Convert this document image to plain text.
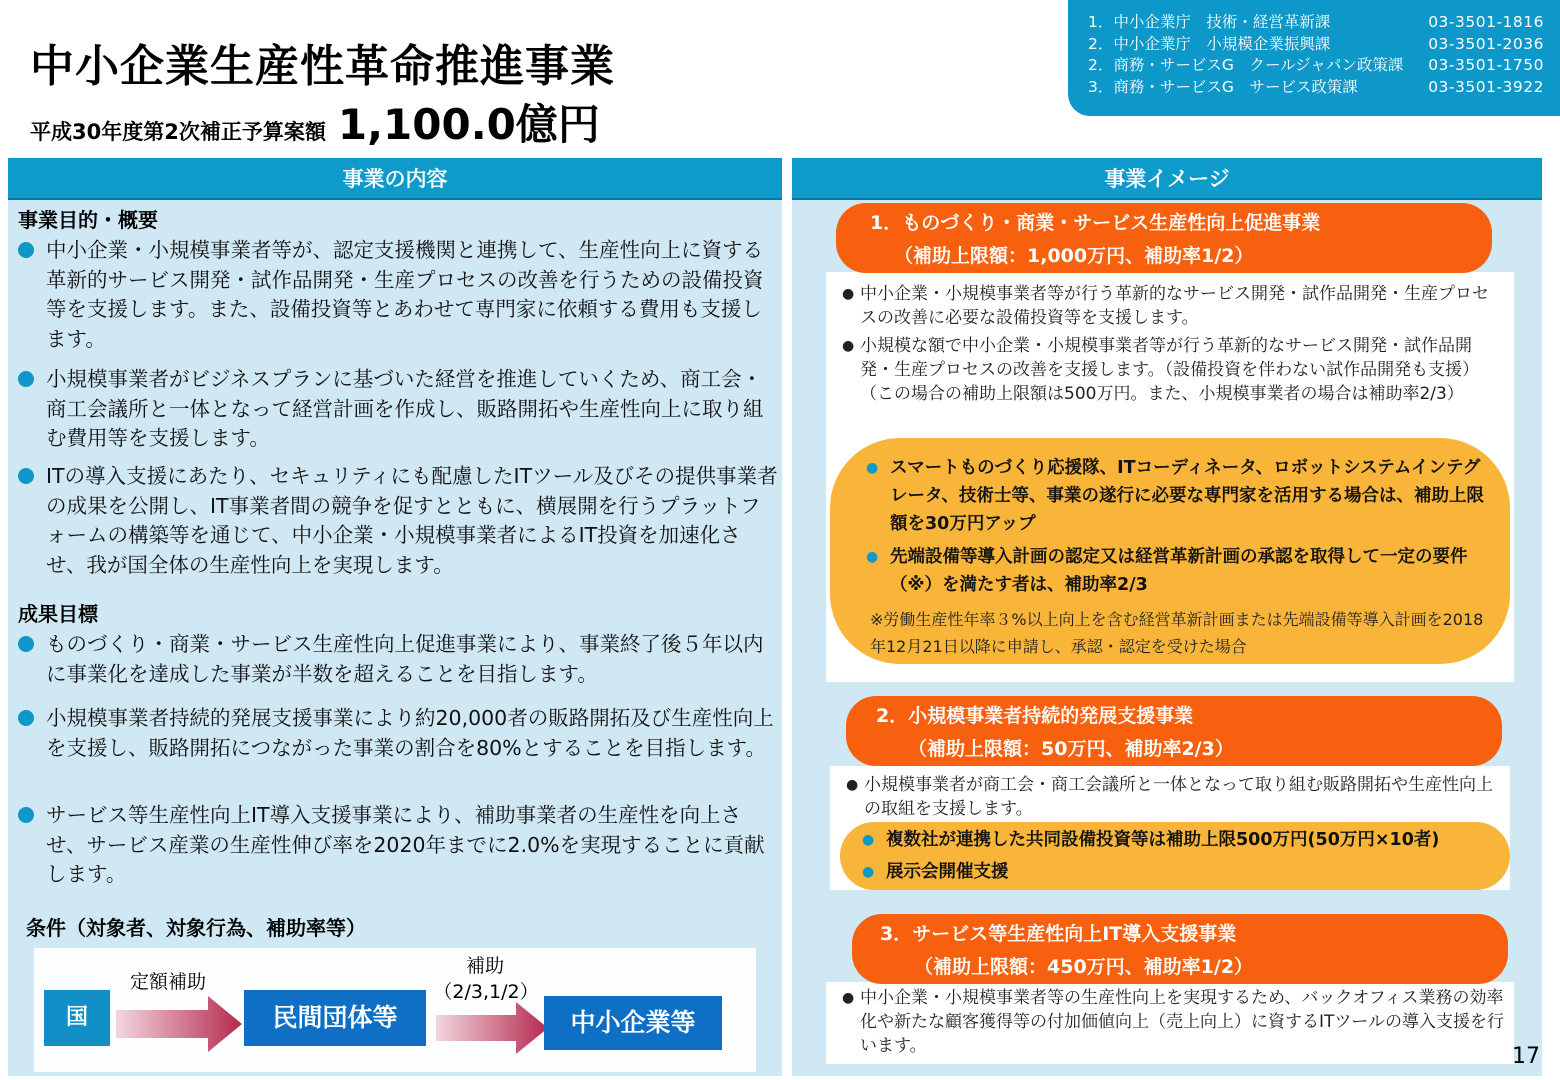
中小企業生産性革命推進事業
平成30年度第2次補正予算案額 1,100.0億円
1．中小企業庁　技術・経営革新課	03-3501-1816
2．中小企業庁　小規模企業振興課	03-3501-2036
2．商務・サービスG　クールジャパン政策課	03-3501-1750
3．商務・サービスG　サービス政策課	03-3501-3922
事業の内容
事業目的・概要
中小企業・小規模事業者等が、認定支援機関と連携して、生産性向上に資する革新的サービス開発・試作品開発・生産プロセスの改善を行うための設備投資等を支援します。また、設備投資等とあわせて専門家に依頼する費用も支援します。
小規模事業者がビジネスプランに基づいた経営を推進していくため、商工会・商工会議所と一体となって経営計画を作成し、販路開拓や生産性向上に取り組む費用等を支援します。
ITの導入支援にあたり、セキュリティにも配慮したITツール及びその提供事業者の成果を公開し、IT事業者間の競争を促すとともに、横展開を行うプラットフォームの構築等を通じて、中小企業・小規模事業者によるIT投資を加速化させ、我が国全体の生産性向上を実現します。
成果目標
ものづくり・商業・サービス生産性向上促進事業により、事業終了後５年以内に事業化を達成した事業が半数を超えることを目指します。
小規模事業者持続的発展支援事業により約20,000者の販路開拓及び生産性向上を支援し、販路開拓につながった事業の割合を80%とすることを目指します。
サービス等生産性向上IT導入支援事業により、補助事業者の生産性を向上させ、サービス産業の生産性伸び率を2020年までに2.0%を実現することに貢献します。
条件（対象者、対象行為、補助率等）
国
定額補助
民間団体等
補助
（2/3,1/2）
中小企業等
事業イメージ
1．ものづくり・商業・サービス生産性向上促進事業
（補助上限額：1,000万円、補助率1/2）
● 中小企業・小規模事業者等が行う革新的なサービス開発・試作品開発・生産プロセスの改善に必要な設備投資等を支援します。
● 小規模な額で中小企業・小規模事業者等が行う革新的なサービス開発・試作品開発・生産プロセスの改善を支援します。（設備投資を伴わない試作品開発も支援）（この場合の補助上限額は500万円。また、小規模事業者の場合は補助率2/3）
● スマートものづくり応援隊、ITコーディネータ、ロボットシステムインテグレータ、技術士等、事業の遂行に必要な専門家を活用する場合は、補助上限額を30万円アップ
● 先端設備等導入計画の認定又は経営革新計画の承認を取得して一定の要件（※）を満たす者は、補助率2/3
※労働生産性年率３%以上向上を含む経営革新計画または先端設備等導入計画を2018年12月21日以降に申請し、承認・認定を受けた場合
2．小規模事業者持続的発展支援事業
（補助上限額：50万円、補助率2/3）
● 小規模事業者が商工会・商工会議所と一体となって取り組む販路開拓や生産性向上の取組を支援します。
● 複数社が連携した共同設備投資等は補助上限500万円(50万円×10者)
● 展示会開催支援
3．サービス等生産性向上IT導入支援事業
（補助上限額：450万円、補助率1/2）
● 中小企業・小規模事業者等の生産性向上を実現するため、バックオフィス業務の効率化や新たな顧客獲得等の付加価値向上（売上向上）に資するITツールの導入支援を行います。	17
